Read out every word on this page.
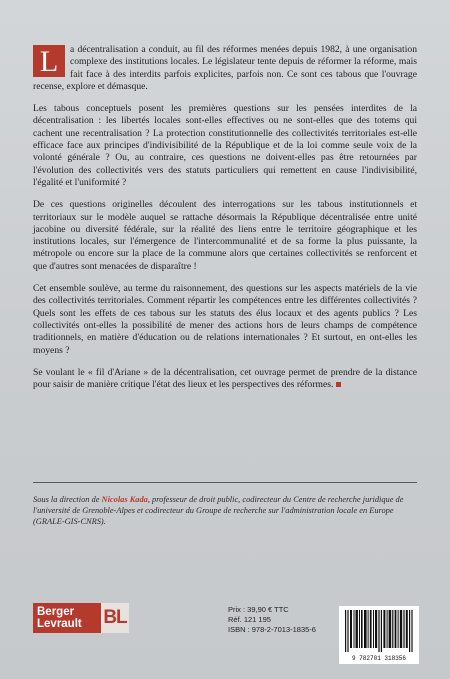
L	a décentralisation a conduit, au fil des réformes menées depuis 1982, à une organisation complexe des institutions locales. Le législateur tente depuis de réformer la réforme, mais fait face à des interdits parfois explicites, parfois non. Ce sont ces tabous que l'ouvrage recense, explore et démasque.

Les tabous conceptuels posent les premières questions sur les pensées interdites de la décentralisation : les libertés locales sont-elles effectives ou ne sont-elles que des totems qui cachent une recentralisation ? La protection constitutionnelle des collectivités territoriales est-elle efficace face aux principes d'indivisibilité de la République et de la loi comme seule voix de la volonté générale ? Ou, au contraire, ces questions ne doivent-elles pas être retournées par l'évolution des collectivités vers des statuts particuliers qui remettent en cause l'indivisibilité, l'égalité et l'uniformité ?

De ces questions originelles découlent des interrogations sur les tabous institutionnels et territoriaux sur le modèle auquel se rattache désormais la République décentralisée entre unité jacobine ou diversité fédérale, sur la réalité des liens entre le territoire géographique et les institutions locales, sur l'émergence de l'intercommunalité et de sa forme la plus puissante, la métropole ou encore sur la place de la commune alors que certaines collectivités se renforcent et que d'autres sont menacées de disparaître !

Cet ensemble soulève, au terme du raisonnement, des questions sur les aspects matériels de la vie des collectivités territoriales. Comment répartir les compétences entre les différentes collectivités ? Quels sont les effets de ces tabous sur les statuts des élus locaux et des agents publics ? Les collectivités ont-elles la possibilité de mener des actions hors de leurs champs de compétence traditionnels, en matière d'éducation ou de relations internationales ? Et surtout, en ont-elles les moyens ?

Se voulant le « fil d'Ariane » de la décentralisation, cet ouvrage permet de prendre de la distance pour saisir de manière critique l'état des lieux et les perspectives des réformes.

Sous la direction de Nicolas Kada, professeur de droit public, codirecteur du Centre de recherche juridique de l'université de Grenoble-Alpes et codirecteur du Groupe de recherche sur l'administration locale en Europe (GRALE-GIS-CNRS).
Berger
Levrault	BL	Prix : 39,90 € TTC
Réf. 121 195
ISBN : 978-2-7013-1835-6
9 782701 318356
